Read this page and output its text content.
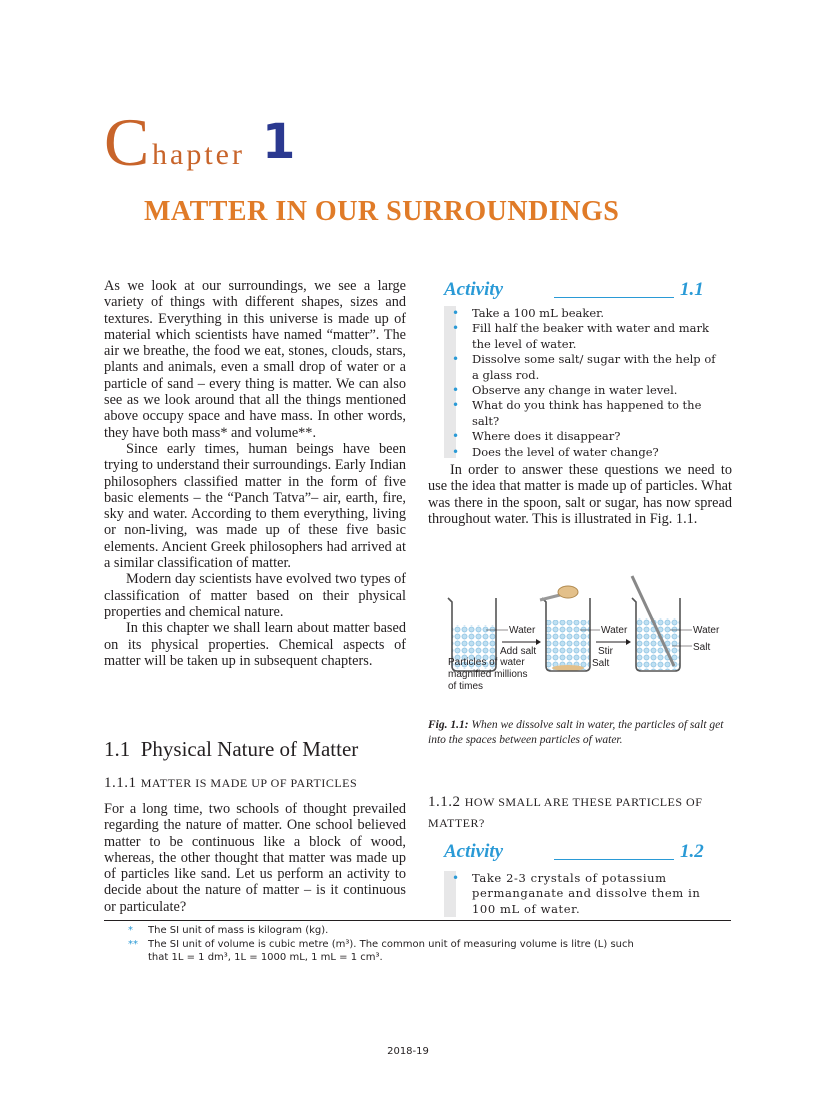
C hapter 1
MATTER IN OUR SURROUNDINGS

As we look at our surroundings, we see a large variety of things with different shapes, sizes and textures. Everything in this universe is made up of material which scientists have named “matter”. The air we breathe, the food we eat, stones, clouds, stars, plants and animals, even a small drop of water or a particle of sand – every thing is matter. We can also see as we look around that all the things mentioned above occupy space and have mass. In other words, they have both mass* and volume**.

Since early times, human beings have been trying to understand their surroundings. Early Indian philosophers classified matter in the form of five basic elements – the “Panch Tatva”– air, earth, fire, sky and water. According to them everything, living or non-living, was made up of these five basic elements. Ancient Greek philosophers had arrived at a similar classification of matter.

Modern day scientists have evolved two types of classification of matter based on their physical properties and chemical nature.

In this chapter we shall learn about matter based on its physical properties. Chemical aspects of matter will be taken up in subsequent chapters.

1.1 Physical Nature of Matter
1.1.1 MATTER IS MADE UP OF PARTICLES

For a long time, two schools of thought prevailed regarding the nature of matter. One school believed matter to be continuous like a block of wood, whereas, the other thought that matter was made up of particles like sand. Let us perform an activity to decide about the nature of matter – is it continuous or particulate?

Activity	1.1
• Take a 100 mL beaker.
• Fill half the beaker with water and mark the level of water.
• Dissolve some salt/ sugar with the help of a glass rod.
• Observe any change in water level.
• What do you think has happened to the salt?
• Where does it disappear?
• Does the level of water change?

In order to answer these questions we need to use the idea that matter is made up of particles. What was there in the spoon, salt or sugar, has now spread throughout water. This is illustrated in Fig. 1.1.

Water
Add salt
Water
Stir
Salt
Water
Salt
Particles of water
magnified millions
of times
Fig. 1.1: When we dissolve salt in water, the particles of salt get into the spaces between particles of water.
1.1.2 HOW SMALL ARE THESE PARTICLES OF MATTER?
Activity	1.2
• Take 2-3 crystals of potassium permanganate and dissolve them in 100 mL of water.
* The SI unit of mass is kilogram (kg).
** The SI unit of volume is cubic metre (m³). The common unit of measuring volume is litre (L) such that 1L = 1 dm³, 1L = 1000 mL, 1 mL = 1 cm³.
2018-19
